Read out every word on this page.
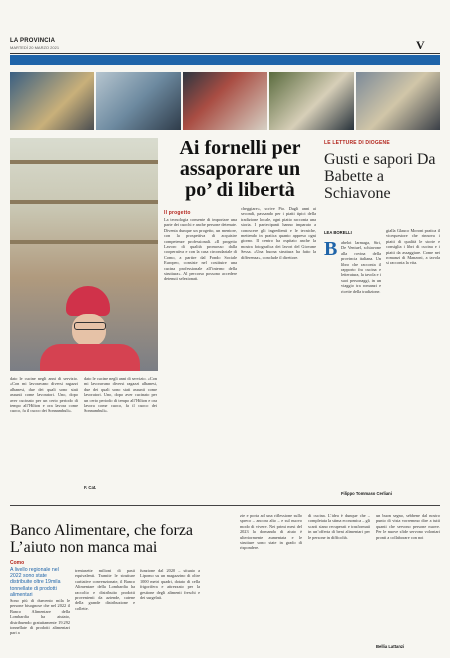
LA PROVINCIA
MARTEDÌ 20 MARZO 2021	V
Ai fornelli per assaporare un po’ di libertà
Il progetto
La tecnologia consente di importare una parte dei cuochi e anche persone detenute. Diventa dunque un progetto, un mentore, con la prospettiva di acquisire competenze professionali. «Il progetto Lavoro di qualità promosso dalla cooperativa e con la casa circondariale di Como, a partire dal Fondo Sociale Europeo, consiste nel costituire una cucina professionale all’interno della struttura». Al percorso possono accedere detenuti selezionati.
cheggiare», scrive Pio. Dagli anni ai secondi, passando per i piatti tipici della tradizione locale, ogni piatto racconta una storia. I partecipanti hanno imparato a conoscere gli ingredienti e le tecniche, mettendo in pratica quanto appreso ogni giorno. Il centro ha ospitato anche la mostra fotografica dei lavori del Giovane Sessa. «Una buona struttura ha fatto la differenza», conclude il direttore.
dato le cucine negli anni di servizio. «Con mi lavoravano diversi ragazzi albanesi, due dei quali sono stati assunti come lavoratori. Uno, dopo aver cucinato per un certo periodo di tempo all’Hilton e ora lavora come cuoco, fa il cuoco dei Sonnambuli».
dato le cucine negli anni di servizio. «Con mi lavoravano diversi ragazzi albanesi, due dei quali sono stati assunti come lavoratori. Uno, dopo aver cucinato per un certo periodo di tempo all’Hilton e ora lavora come cuoco, fa il cuoco dei Sonnambuli».
F. Cat.
LE LETTURE DI DIOGENE
Gusti e sapori Da Babette a Schiavone
LEA BORELLI
B abelot larmaga, Siri, De Ventuel, schiavone alla rovina della provincia italiana. Un libro che racconta il rapporto fra cucina e letteratura, la tavola e i suoi personaggi, in un viaggio tra romanzi e ricette della tradizione.
gialla Glauco Moroni pratica il vicequestore che rinnova i piatti di qualità le storie e consiglia i libri di cucina e i piatti da assaggiare. Come nei romanzi di Manzoni, a tavola si racconta la vita.
Filippo Tommaso Cerliani
Banco Alimentare, che forza L’aiuto non manca mai
Como
A livello regionale nel 2022 sono state distribuite oltre 19mila tonnellate di prodotti alimentari
Sono più di duecento mila le persone bisognose che nel 2022 il Banco Alimentare della Lombardia ha aiutato, distribuendo gratuitamente 19.292 tonnellate di prodotti alimentari pari a
trentasette milioni di pasti equivalenti. Tramite le strutture caritative convenzionate, il Banco Alimentare della Lombardia ha raccolto e distribuito prodotti provenienti da aziende, catene della grande distribuzione e collette.
funzione dal 2020 – situato a Lipomo su un magazzino di oltre 1000 metri quadri, dotato di cella frigorifera e attrezzato per la gestione degli alimenti freschi e dei surgelati.
zie e porta ad una riflessione sullo spreco – ancora alto – e sul nuovo modo di vivere. Nei primi mesi del 2023 la domanda di aiuto è ulteriormente aumentata e le strutture sono state in grado di rispondere.
di cucina. L’idea è dunque che – completata la stima economica – gli scarti siano recuperati e trasformati in un’offerta di beni alimentari per le persone in difficoltà.
un buon segno, sebbene dal nostro punto di vista vorremmo dire a tutti quanti che servono persone nuove. Per le nuove sfide servono volontari pronti a collaborare con noi
Bellia Lattanzi
